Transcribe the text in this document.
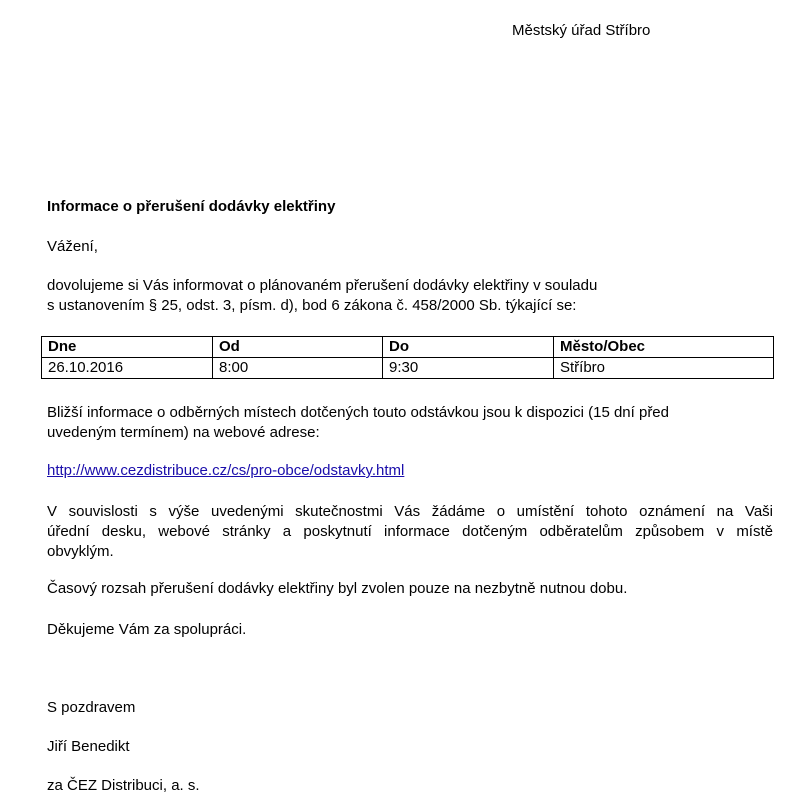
Městský úřad Stříbro

Informace o přerušení dodávky elektřiny

Vážení,

dovolujeme si Vás informovat o plánovaném přerušení dodávky elektřiny v souladu
s ustanovením § 25, odst. 3, písm. d), bod 6 zákona č. 458/2000 Sb. týkající se:

Dne	Od	Do	Město/Obec
26.10.2016	8:00	9:30	Stříbro

Bližší informace o odběrných místech dotčených touto odstávkou jsou k dispozici (15 dní před
uvedeným termínem) na webové adrese:

http://www.cezdistribuce.cz/cs/pro-obce/odstavky.html
V souvislosti s výše uvedenými skutečnostmi Vás žádáme o umístění tohoto oznámení na Vaši
úřední desku, webové stránky a poskytnutí informace dotčeným odběratelům způsobem v místě
obvyklým.

Časový rozsah přerušení dodávky elektřiny byl zvolen pouze na nezbytně nutnou dobu.

Děkujeme Vám za spolupráci.

S pozdravem

Jiří Benedikt

za ČEZ Distribuci, a. s.
